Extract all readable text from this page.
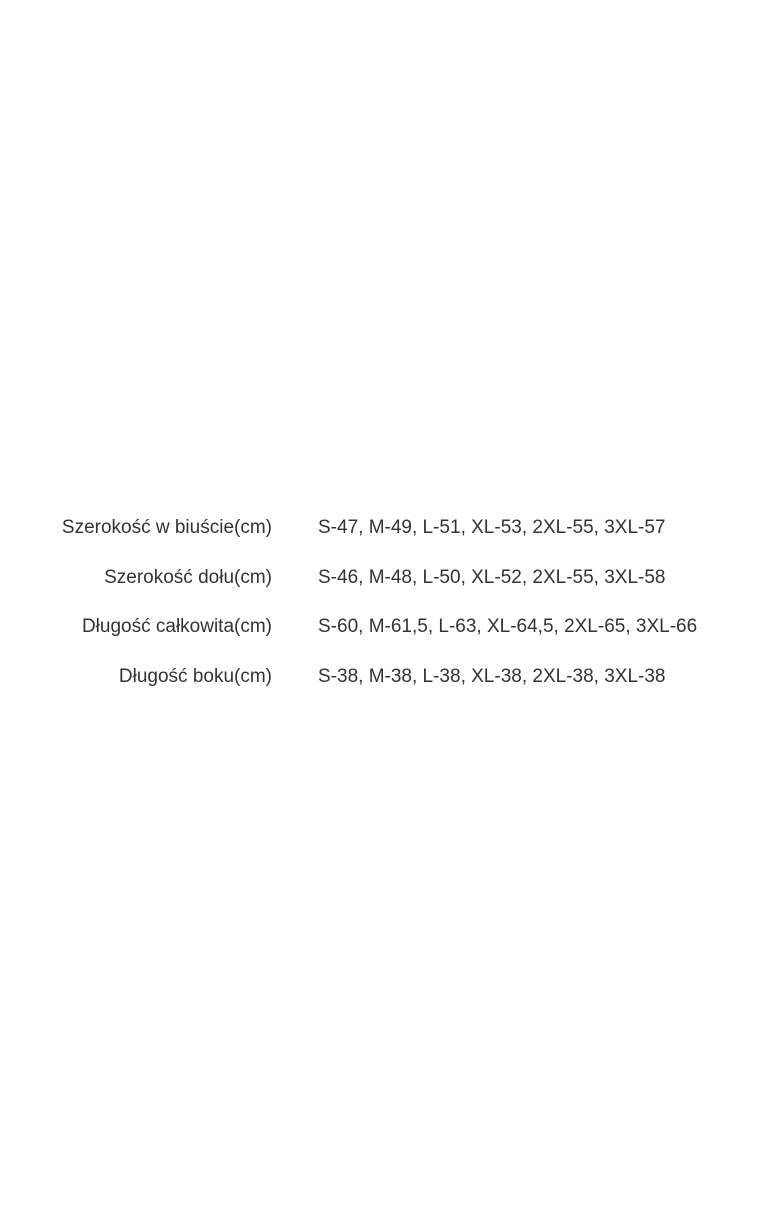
Szerokość w biuście(cm) S-47, M-49, L-51, XL-53, 2XL-55, 3XL-57
Szerokość dołu(cm) S-46, M-48, L-50, XL-52, 2XL-55, 3XL-58
Długość całkowita(cm) S-60, M-61,5, L-63, XL-64,5, 2XL-65, 3XL-66
Długość boku(cm) S-38, M-38, L-38, XL-38, 2XL-38, 3XL-38
